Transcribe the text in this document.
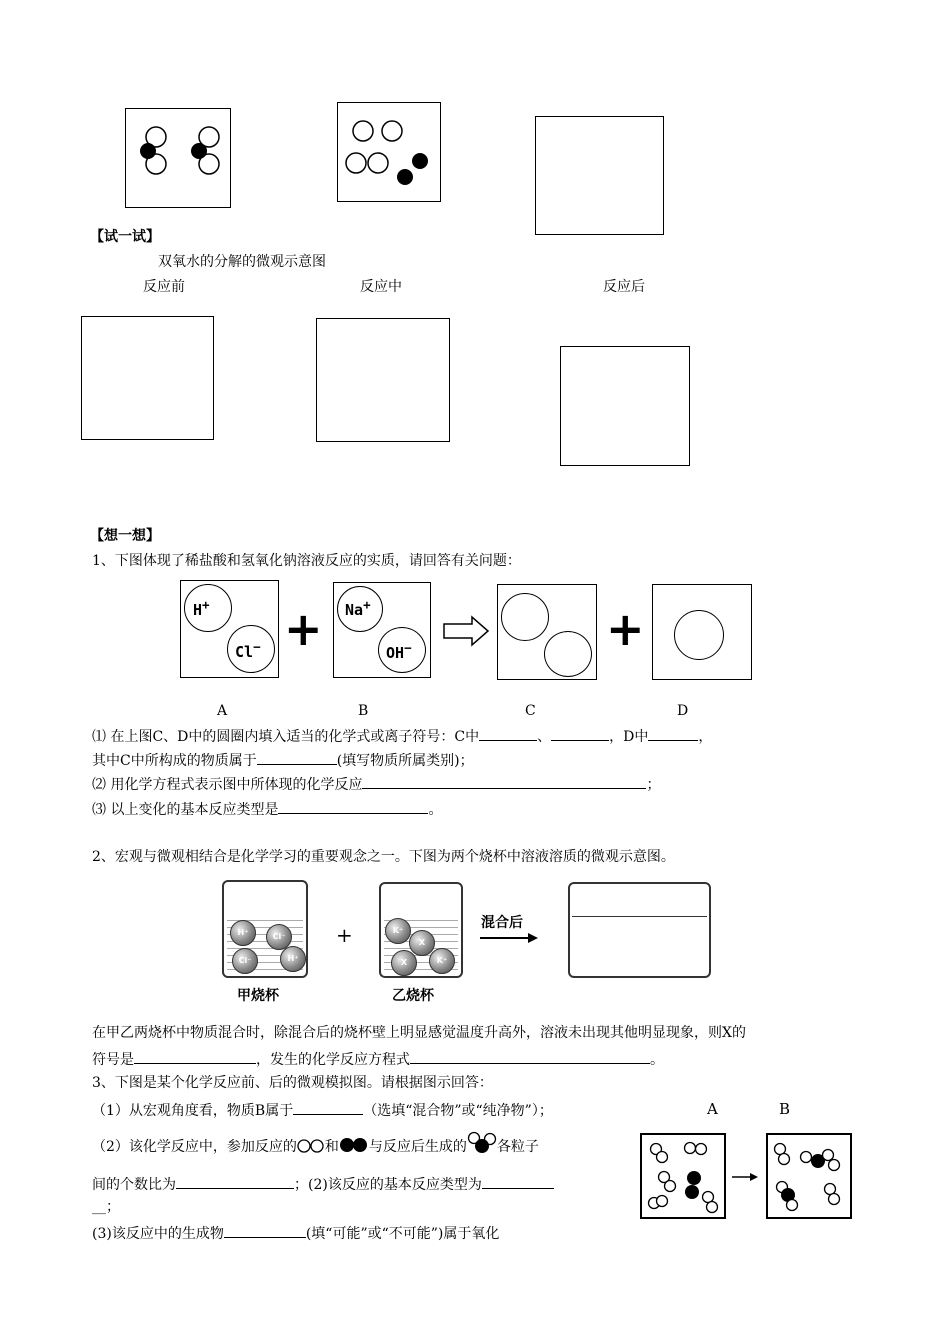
【试一试】
双氧水的分解的微观示意图
反应前	反应中	反应后
【想一想】
1、下图体现了稀盐酸和氢氧化钠溶液反应的实质，请回答有关问题：
H+
Cl− + Na+
OH−	+
A	B	C	D
⑴ 在上图C、D中的圆圈内填入适当的化学式或离子符号：C中	、	，D中	，
其中C中所构成的物质属于	(填写物质所属类别)；
⑵ 用化学方程式表示图中所体现的化学反应	；
⑶ 以上变化的基本反应类型是	。
2、宏观与微观相结合是化学学习的重要观念之一。下图为两个烧杯中溶液溶质的微观示意图。
H⁺	Cl⁻
Cl⁻	H⁺
甲烧杯
+	K⁺
X
X	K⁺
乙烧杯
混合后
在甲乙两烧杯中物质混合时，除混合后的烧杯壁上明显感觉温度升高外，溶液未出现其他明显现象，则X的
符号是	，发生的化学反应方程式	。
3、下图是某个化学反应前、后的微观模拟图。请根据图示回答：
（1）从宏观角度看，物质B属于	（选填“混合物”或“纯净物”）；	A	B
（2）该化学反应中，参加反应的 和 与反应后生成的 各粒子
间的个数比为	；(2)该反应的基本反应类型为
__；
(3)该反应中的生成物	(填“可能”或“不可能”)属于氧化
